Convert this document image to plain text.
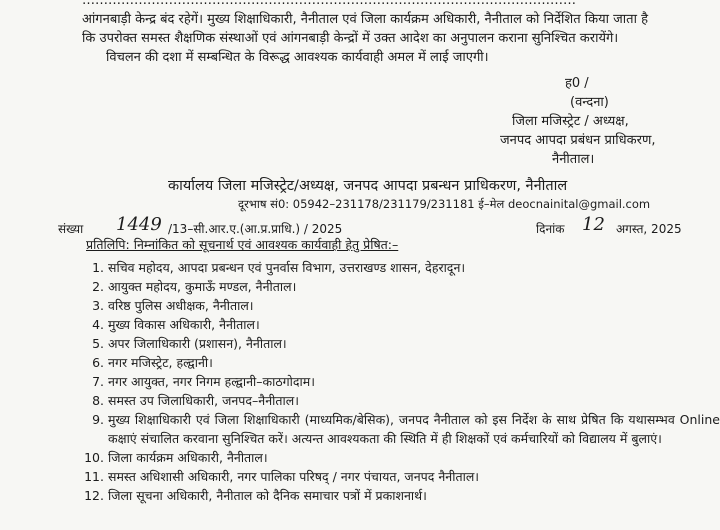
……………………………………………………………………………………………………
आंगनबाड़ी केन्द्र बंद रहेगें। मुख्य शिक्षाधिकारी, नैनीताल एवं जिला कार्यक्रम अधिकारी, नैनीताल को निर्देशित किया जाता है
कि उपरोक्त समस्त शैक्षणिक संस्थाओं एवं आंगनबाड़ी केन्द्रों में उक्त आदेश का अनुपालन कराना सुनिश्चित करायेंगे।
विचलन की दशा में सम्बन्धित के विरूद्ध आवश्यक कार्यवाही अमल में लाई जाएगी।
ह0 /
(वन्दना)
जिला मजिस्ट्रेट / अध्यक्ष,
जनपद आपदा प्रबंधन प्राधिकरण,
नैनीताल।
कार्यालय जिला मजिस्ट्रेट/अध्यक्ष, जनपद आपदा प्रबन्धन प्राधिकरण, नैनीताल
दूरभाष सं0: 05942–231178/231179/231181 ई–मेल deocnainital@gmail.com
संख्या 1449 /13–सी.आर.ए.(आ.प्र.प्राधि.) / 2025	दिनांक 12 अगस्त, 2025
प्रतिलिपि: निम्नांकित को सूचनार्थ एवं आवश्यक कार्यवाही हेतु प्रेषित:–
1. सचिव महोदय, आपदा प्रबन्धन एवं पुनर्वास विभाग, उत्तराखण्ड शासन, देहरादून।
2. आयुक्त महोदय, कुमाऊँ मण्डल, नैनीताल।
3. वरिष्ठ पुलिस अधीक्षक, नैनीताल।
4. मुख्य विकास अधिकारी, नैनीताल।
5. अपर जिलाधिकारी (प्रशासन), नैनीताल।
6. नगर मजिस्ट्रेट, हल्द्वानी।
7. नगर आयुक्त, नगर निगम हल्द्वानी–काठगोदाम।
8. समस्त उप जिलाधिकारी, जनपद–नैनीताल।
9. मुख्य शिक्षाधिकारी एवं जिला शिक्षाधिकारी (माध्यमिक/बेसिक), जनपद नैनीताल को इस निर्देश के साथ प्रेषित कि यथासम्भव Online कक्षाएं संचालित करवाना सुनिश्चित करें। अत्यन्त आवश्यकता की स्थिति में ही शिक्षकों एवं कर्मचारियों को विद्यालय में बुलाएं।
10. जिला कार्यक्रम अधिकारी, नैनीताल।
11. समस्त अधिशासी अधिकारी, नगर पालिका परिषद् / नगर पंचायत, जनपद नैनीताल।
12. जिला सूचना अधिकारी, नैनीताल को दैनिक समाचार पत्रों में प्रकाशनार्थ।
